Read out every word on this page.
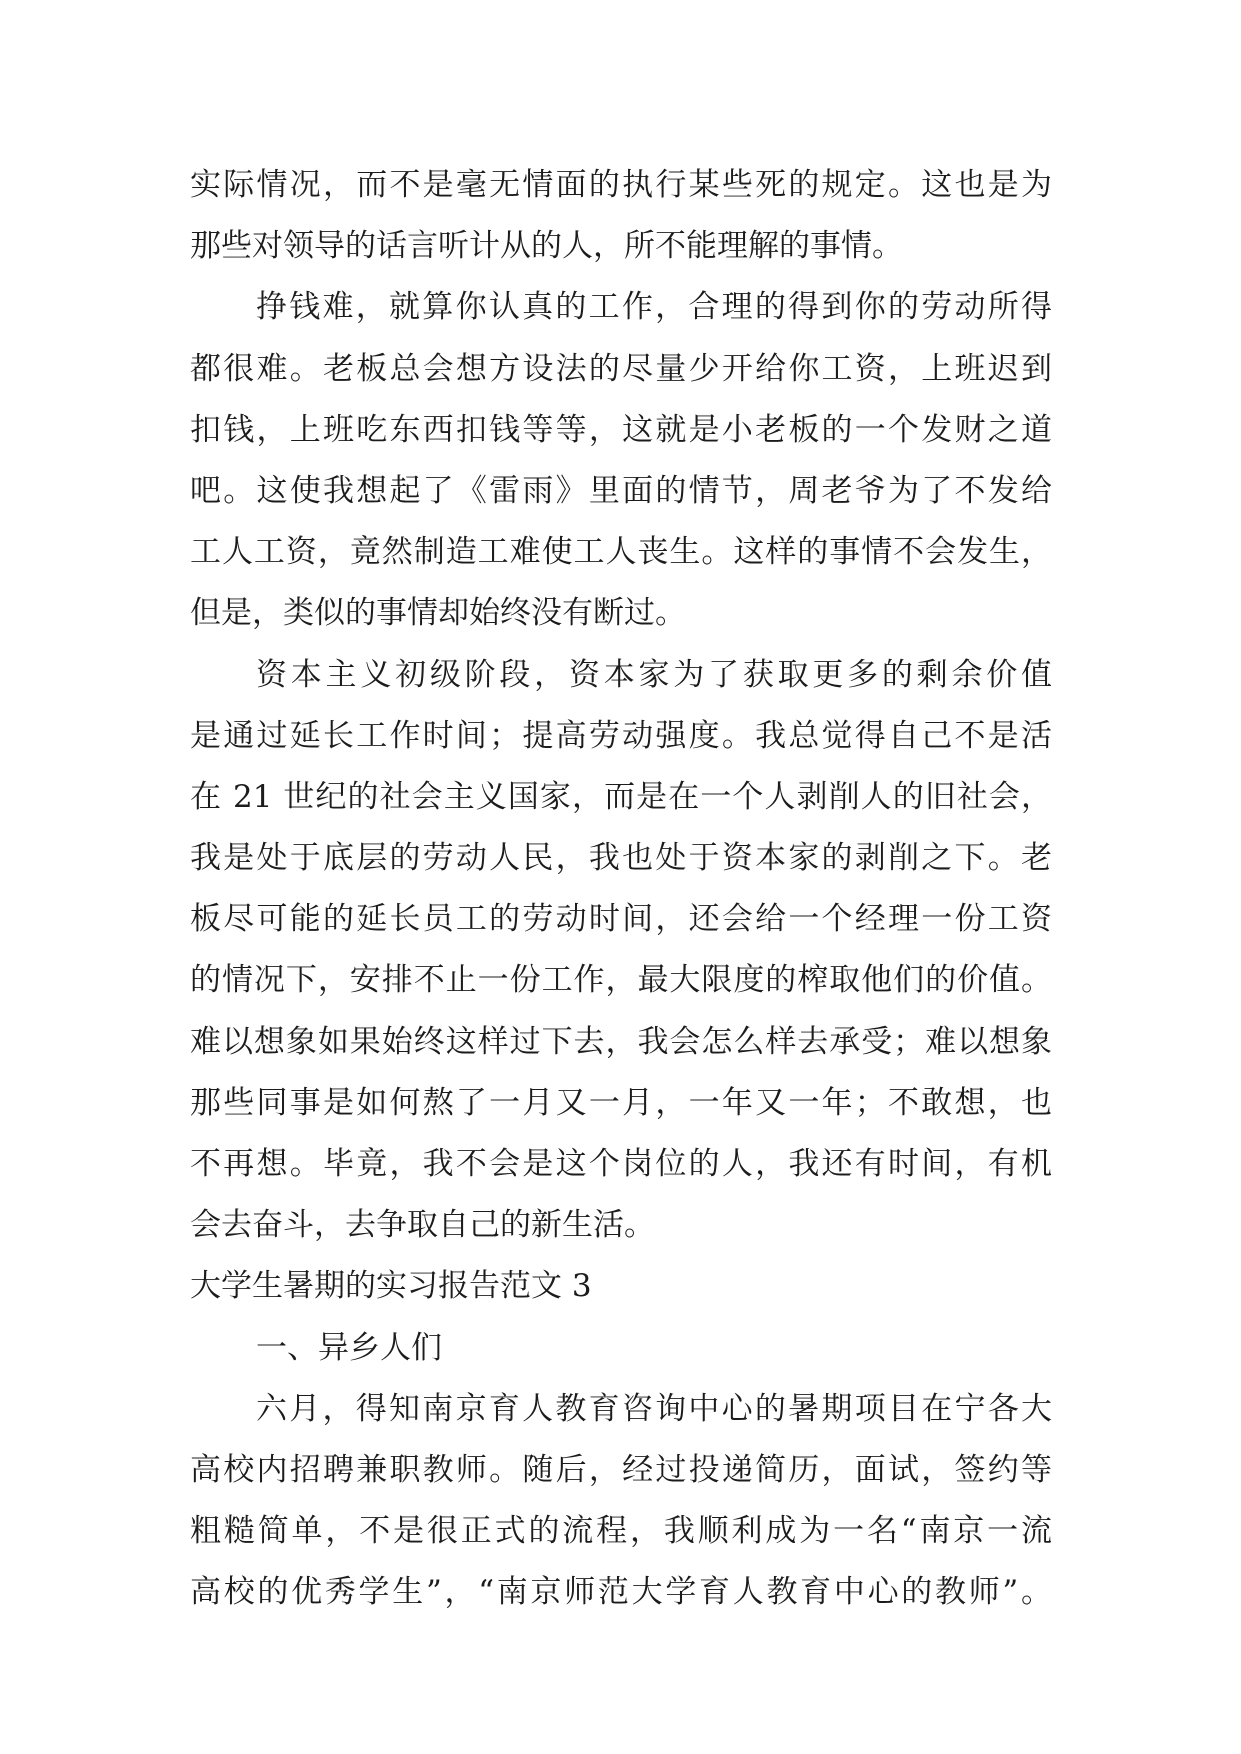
实际情况，而不是毫无情面的执行某些死的规定。这也是为
那些对领导的话言听计从的人，所不能理解的事情。
挣钱难，就算你认真的工作，合理的得到你的劳动所得
都很难。老板总会想方设法的尽量少开给你工资，上班迟到
扣钱，上班吃东西扣钱等等，这就是小老板的一个发财之道
吧。这使我想起了《雷雨》里面的情节，周老爷为了不发给
工人工资，竟然制造工难使工人丧生。这样的事情不会发生，
但是，类似的事情却始终没有断过。
资本主义初级阶段，资本家为了获取更多的剩余价值
是通过延长工作时间；提高劳动强度。我总觉得自己不是活
在 21 世纪的社会主义国家，而是在一个人剥削人的旧社会，
我是处于底层的劳动人民，我也处于资本家的剥削之下。老
板尽可能的延长员工的劳动时间，还会给一个经理一份工资
的情况下，安排不止一份工作，最大限度的榨取他们的价值。
难以想象如果始终这样过下去，我会怎么样去承受；难以想象
那些同事是如何熬了一月又一月，一年又一年；不敢想，也
不再想。毕竟，我不会是这个岗位的人，我还有时间，有机
会去奋斗，去争取自己的新生活。
大学生暑期的实习报告范文 3
一、异乡人们
六月，得知南京育人教育咨询中心的暑期项目在宁各大
高校内招聘兼职教师。随后，经过投递简历，面试，签约等
粗糙简单，不是很正式的流程，我顺利成为一名“南京一流
高校的优秀学生”，“南京师范大学育人教育中心的教师”。
